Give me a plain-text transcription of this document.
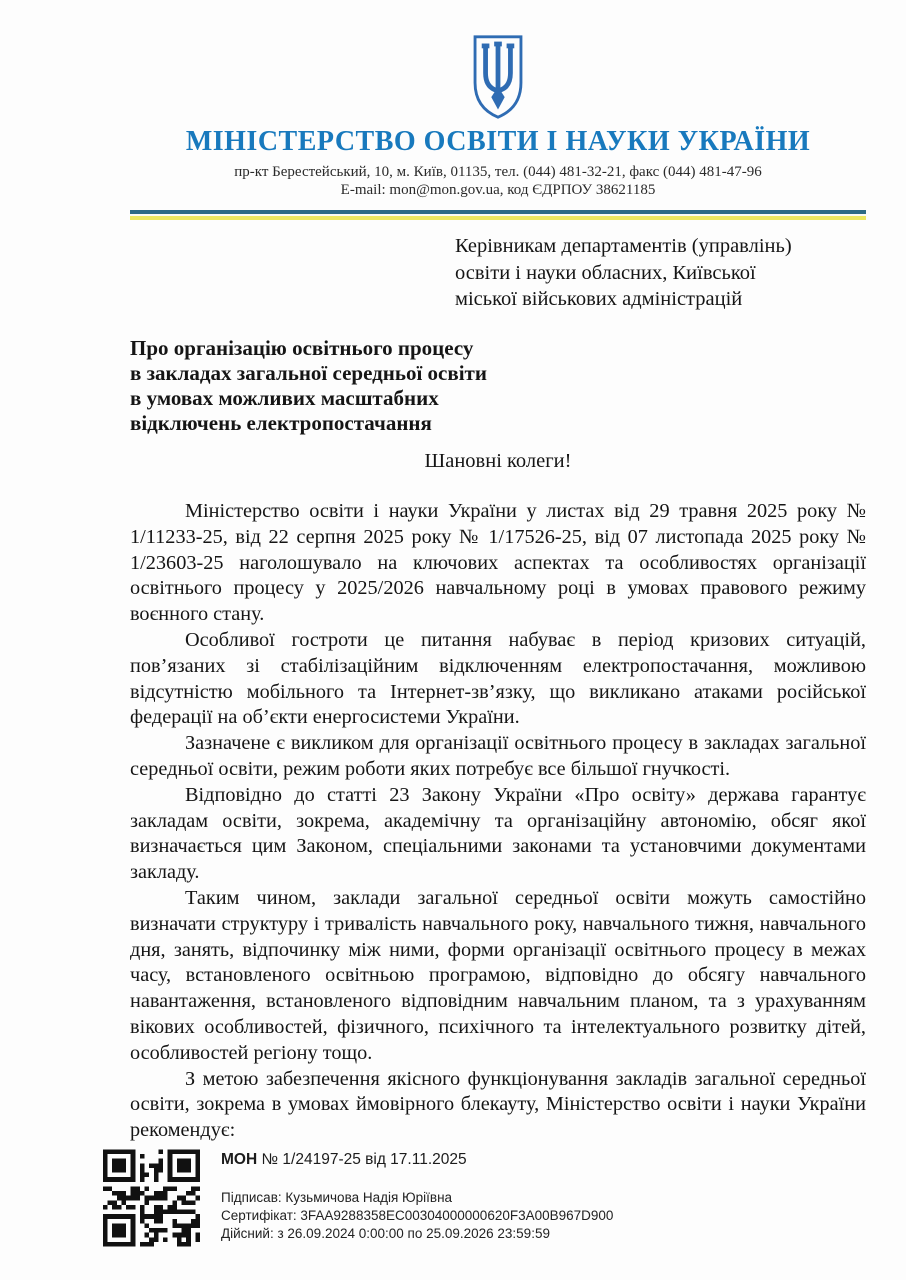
МІНІСТЕРСТВО ОСВІТИ І НАУКИ УКРАЇНИ
пр-кт Берестейський, 10, м. Київ, 01135, тел. (044) 481-32-21, факс (044) 481-47-96
E-mail: mon@mon.gov.ua, код ЄДРПОУ 38621185
Керівникам департаментів (управлінь)
освіти і науки обласних, Київської
міської військових адміністрацій
Про організацію освітнього процесу
в закладах загальної середньої освіти
в умовах можливих масштабних
відключень електропостачання
Шановні колеги!

Міністерство освіти і науки України у листах від 29 травня 2025 року № 1/11233-25, від 22 серпня 2025 року № 1/17526-25, від 07 листопада 2025 року № 1/23603-25 наголошувало на ключових аспектах та особливостях організації освітнього процесу у 2025/2026 навчальному році в умовах правового режиму воєнного стану.

Особливої гостроти це питання набуває в період кризових ситуацій, пов’язаних зі стабілізаційним відключенням електропостачання, можливою відсутністю мобільного та Інтернет-зв’язку, що викликано атаками російської федерації на об’єкти енергосистеми України.

Зазначене є викликом для організації освітнього процесу в закладах загальної середньої освіти, режим роботи яких потребує все більшої гнучкості.

Відповідно до статті 23 Закону України «Про освіту» держава гарантує закладам освіти, зокрема, академічну та організаційну автономію, обсяг якої визначається цим Законом, спеціальними законами та установчими документами закладу.

Таким чином, заклади загальної середньої освіти можуть самостійно визначати структуру і тривалість навчального року, навчального тижня, навчального дня, занять, відпочинку між ними, форми організації освітнього процесу в межах часу, встановленого освітньою програмою, відповідно до обсягу навчального навантаження, встановленого відповідним навчальним планом, та з урахуванням вікових особливостей, фізичного, психічного та інтелектуального розвитку дітей, особливостей регіону тощо.

З метою забезпечення якісного функціонування закладів загальної середньої освіти, зокрема в умовах ймовірного блекауту, Міністерство освіти і науки України рекомендує:

МОН № 1/24197-25 від 17.11.2025
Підписав: Кузьмичова Надія Юріївна
Сертифікат: 3FAA9288358EC00304000000620F3A00B967D900
Дійсний: з 26.09.2024 0:00:00 по 25.09.2026 23:59:59
